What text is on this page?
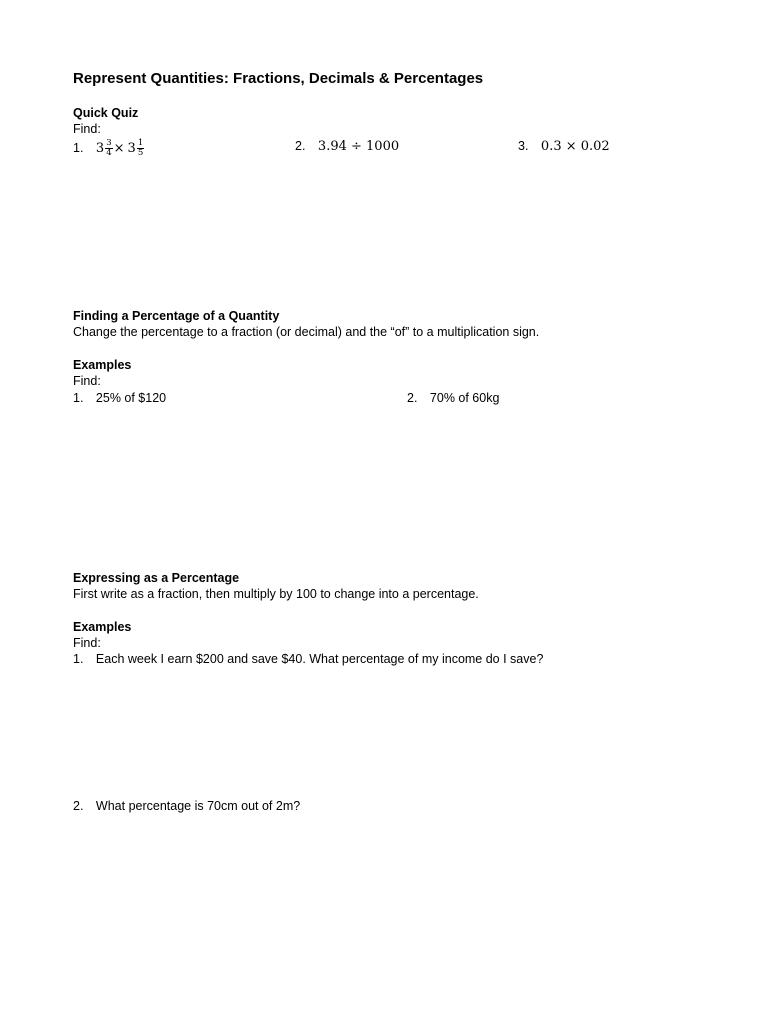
Represent Quantities: Fractions, Decimals & Percentages
Quick Quiz
Find:
1. $3 \frac{3}{4} \times 3 \frac{1}{5}$	2. 3.94 ÷ 1000	3. 0.3 × 0.02
Finding a Percentage of a Quantity
Change the percentage to a fraction (or decimal) and the “of” to a multiplication sign.
Examples
Find:
1. 25% of $120	2. 70% of 60kg
Expressing as a Percentage
First write as a fraction, then multiply by 100 to change into a percentage.
Examples
Find:
1. Each week I earn $200 and save $40. What percentage of my income do I save?
2. What percentage is 70cm out of 2m?
